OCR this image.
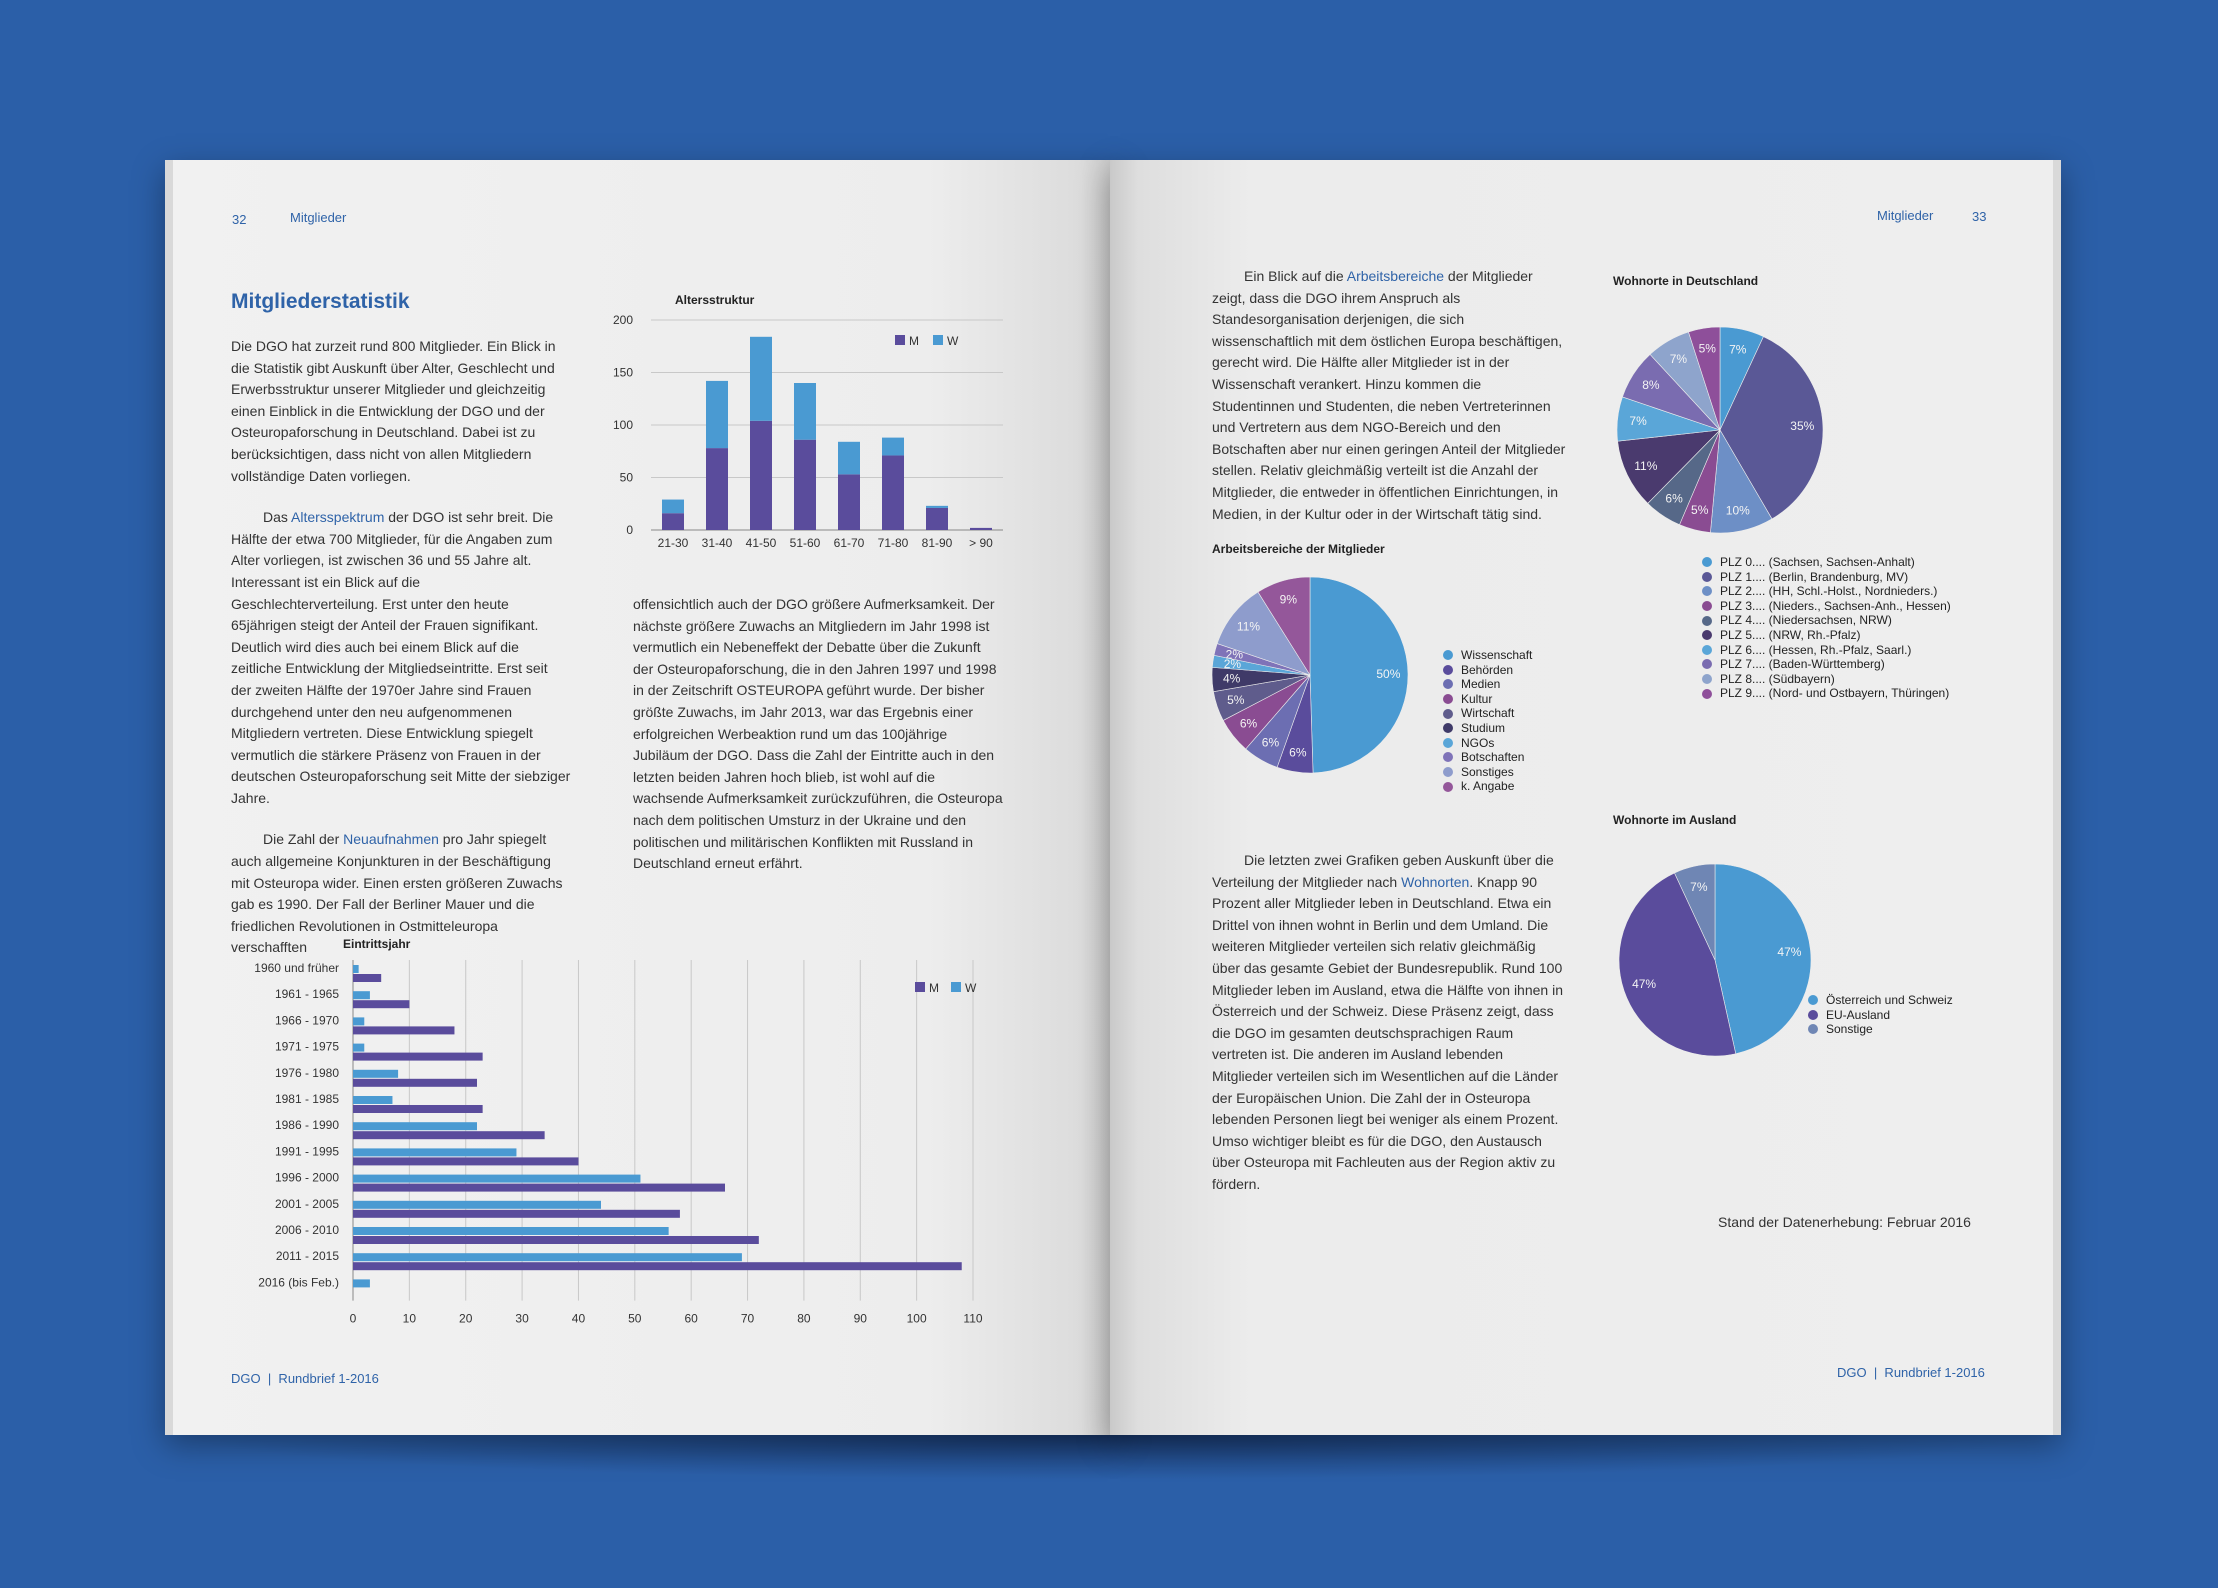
32	Mitglieder
Mitgliederstatistik

Die DGO hat zurzeit rund 800 Mitglieder. Ein Blick in die Statistik gibt Auskunft über Alter, Geschlecht und Erwerbsstruktur unserer Mitglieder und gleichzeitig einen Einblick in die Entwicklung der DGO und der Osteuropaforschung in Deutschland. Dabei ist zu berücksichtigen, dass nicht von allen Mitgliedern vollständige Daten vorliegen.

Das Altersspektrum der DGO ist sehr breit. Die Hälfte der etwa 700 Mitglieder, für die Angaben zum Alter vorliegen, ist zwischen 36 und 55 Jahre alt. Interessant ist ein Blick auf die Geschlechterverteilung. Erst unter den heute 65jährigen steigt der Anteil der Frauen signifikant. Deutlich wird dies auch bei einem Blick auf die zeitliche Entwicklung der Mitgliedseintritte. Erst seit der zweiten Hälfte der 1970er Jahre sind Frauen durchgehend unter den neu aufgenommenen Mitgliedern vertreten. Diese Entwicklung spiegelt vermutlich die stärkere Präsenz von Frauen in der deutschen Osteuropaforschung seit Mitte der siebziger Jahre.

Die Zahl der Neuaufnahmen pro Jahr spiegelt auch allgemeine Konjunkturen in der Beschäftigung mit Osteuropa wider. Einen ersten größeren Zuwachs gab es 1990. Der Fall der Berliner Mauer und die friedlichen Revolutionen in Ostmitteleuropa verschafften

offensichtlich auch der DGO größere Aufmerksamkeit. Der nächste größere Zuwachs an Mitgliedern im Jahr 1998 ist vermutlich ein Nebeneffekt der Debatte über die Zukunft der Osteuropaforschung, die in den Jahren 1997 und 1998 in der Zeitschrift OSTEUROPA geführt wurde. Der bisher größte Zuwachs, im Jahr 2013, war das Ergebnis einer erfolgreichen Werbeaktion rund um das 100jährige Jubiläum der DGO. Dass die Zahl der Eintritte auch in den letzten beiden Jahren hoch blieb, ist wohl auf die wachsende Aufmerksamkeit zurückzuführen, die Osteuropa nach dem politischen Umsturz in der Ukraine und den politischen und militärischen Konflikten mit Russland in Deutschland erneut erfährt.

Altersstruktur
0
50
100
150
200
21-30 31-40 41-50 51-60 61-70 71-80 81-90 > 90
M W
Eintrittsjahr
0	10	20	30	40	50	60	70	80	90	100	110
1960 und früher
1961 - 1965
1966 - 1970
1971 - 1975
1976 - 1980
1981 - 1985
1986 - 1990
1991 - 1995
1996 - 2000
2001 - 2005
2006 - 2010
2011 - 2015
2016 (bis Feb.)
M W
DGO  |  Rundbrief 1-2016
Mitglieder	33

Ein Blick auf die Arbeitsbereiche der Mitglieder zeigt, dass die DGO ihrem Anspruch als Standesorganisation derjenigen, die sich wissenschaftlich mit dem östlichen Europa beschäftigen, gerecht wird. Die Hälfte aller Mitglieder ist in der Wissenschaft verankert. Hinzu kommen die Studentinnen und Studenten, die neben Vertreterinnen und Vertretern aus dem NGO-Bereich und den Botschaften aber nur einen geringen Anteil der Mitglieder stellen. Relativ gleichmäßig verteilt ist die Anzahl der Mitglieder, die entweder in öffentlichen Einrichtungen, in Medien, in der Kultur oder in der Wirtschaft tätig sind.

Arbeitsbereiche der Mitglieder
50%
6%
6%
6%
5%
4%
2%
2%
11%
9%
Wissenschaft
Behörden
Medien
Kultur
Wirtschaft
Studium
NGOs
Botschaften
Sonstiges
k. Angabe

Die letzten zwei Grafiken geben Auskunft über die Verteilung der Mitglieder nach Wohnorten. Knapp 90 Prozent aller Mitglieder leben in Deutschland. Etwa ein Drittel von ihnen wohnt in Berlin und dem Umland. Die weiteren Mitglieder verteilen sich relativ gleichmäßig über das gesamte Gebiet der Bundesrepublik. Rund 100 Mitglieder leben im Ausland, etwa die Hälfte von ihnen in Österreich und der Schweiz. Diese Präsenz zeigt, dass die DGO im gesamten deutschsprachigen Raum vertreten ist. Die anderen im Ausland lebenden Mitglieder verteilen sich im Wesentlichen auf die Länder der Europäischen Union. Die Zahl der in Osteuropa lebenden Personen liegt bei weniger als einem Prozent. Umso wichtiger bleibt es für die DGO, den Austausch über Osteuropa mit Fachleuten aus der Region aktiv zu fördern.

Wohnorte in Deutschland
7%
35%
10%
5%
6%
11%
7%
8%
7%
5%
PLZ 0.... (Sachsen, Sachsen-Anhalt)
PLZ 1.... (Berlin, Brandenburg, MV)
PLZ 2.... (HH, Schl.-Holst., Nordnieders.)
PLZ 3.... (Nieders., Sachsen-Anh., Hessen)
PLZ 4.... (Niedersachsen, NRW)
PLZ 5.... (NRW, Rh.-Pfalz)
PLZ 6.... (Hessen, Rh.-Pfalz, Saarl.)
PLZ 7.... (Baden-Württemberg)
PLZ 8.... (Südbayern)
PLZ 9.... (Nord- und Ostbayern, Thüringen)
Wohnorte im Ausland
47%
47%
7%
Österreich und Schweiz
EU-Ausland
Sonstige
Stand der Datenerhebung: Februar 2016
DGO  |  Rundbrief 1-2016
